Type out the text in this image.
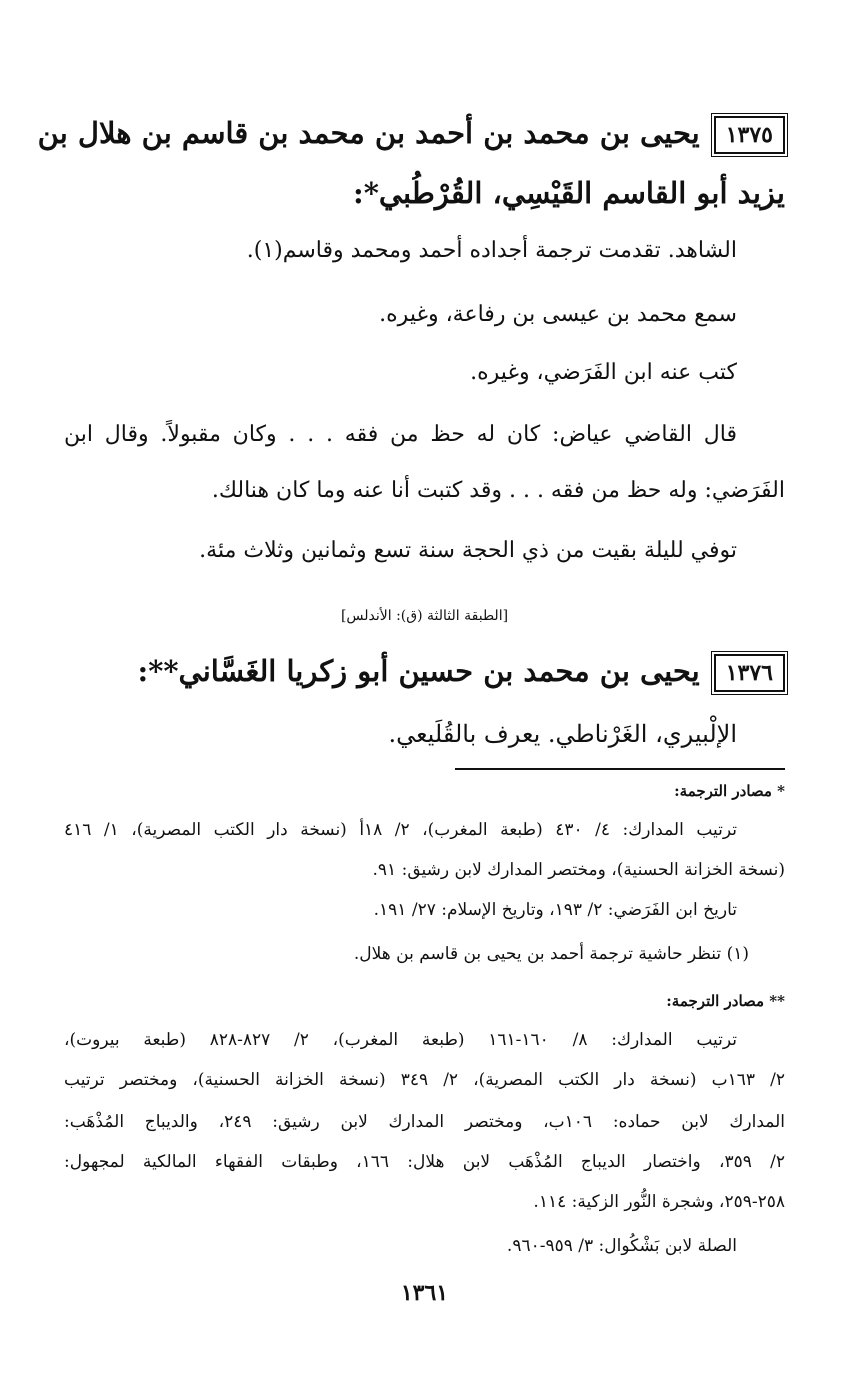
١٣٧٥يحيى بن محمد بن أحمد بن محمد بن قاسم بن هلال بن
يزيد أبو القاسم القَيْسِي، القُرْطُبي*:
الشاهد. تقدمت ترجمة أجداده أحمد ومحمد وقاسم(١).
سمع محمد بن عيسى بن رفاعة، وغيره.
كتب عنه ابن الفَرَضي، وغيره.
قال القاضي عياض: كان له حظ من فقه . . . وكان مقبولاً. وقال ابن
الفَرَضي: وله حظ من فقه . . . وقد كتبت أنا عنه وما كان هنالك.
توفي لليلة بقيت من ذي الحجة سنة تسع وثمانين وثلاث مئة.
[الطبقة الثالثة (ق): الأندلس]
١٣٧٦يحيى بن محمد بن حسين أبو زكريا الغَسَّاني**:
الإلْبيري، الغَرْناطي. يعرف بالقُلَيعي.
* مصادر الترجمة:
ترتيب المدارك: ٤/ ٤٣٠ (طبعة المغرب)، ٢/ ١٨أ (نسخة دار الكتب المصرية)، ١/ ٤١٦
(نسخة الخزانة الحسنية)، ومختصر المدارك لابن رشيق: ٩١.
تاريخ ابن الفَرَضي: ٢/ ١٩٣، وتاريخ الإسلام: ٢٧/ ١٩١.
(١) تنظر حاشية ترجمة أحمد بن يحيى بن قاسم بن هلال.
** مصادر الترجمة:
ترتيب المدارك: ٨/ ١٦٠-١٦١ (طبعة المغرب)، ٢/ ٨٢٧-٨٢٨ (طبعة بيروت)،
٢/ ١٦٣ب (نسخة دار الكتب المصرية)، ٢/ ٣٤٩ (نسخة الخزانة الحسنية)، ومختصر ترتيب
المدارك لابن حماده: ١٠٦ب، ومختصر المدارك لابن رشيق: ٢٤٩، والديباج المُذْهَب:
٢/ ٣٥٩، واختصار الديباج المُذْهَب لابن هلال: ١٦٦، وطبقات الفقهاء المالكية لمجهول:
٢٥٨-٢٥٩، وشجرة النُّور الزكية: ١١٤.
الصلة لابن بَشْكُوال: ٣/ ٩٥٩-٩٦٠.
١٣٦١
